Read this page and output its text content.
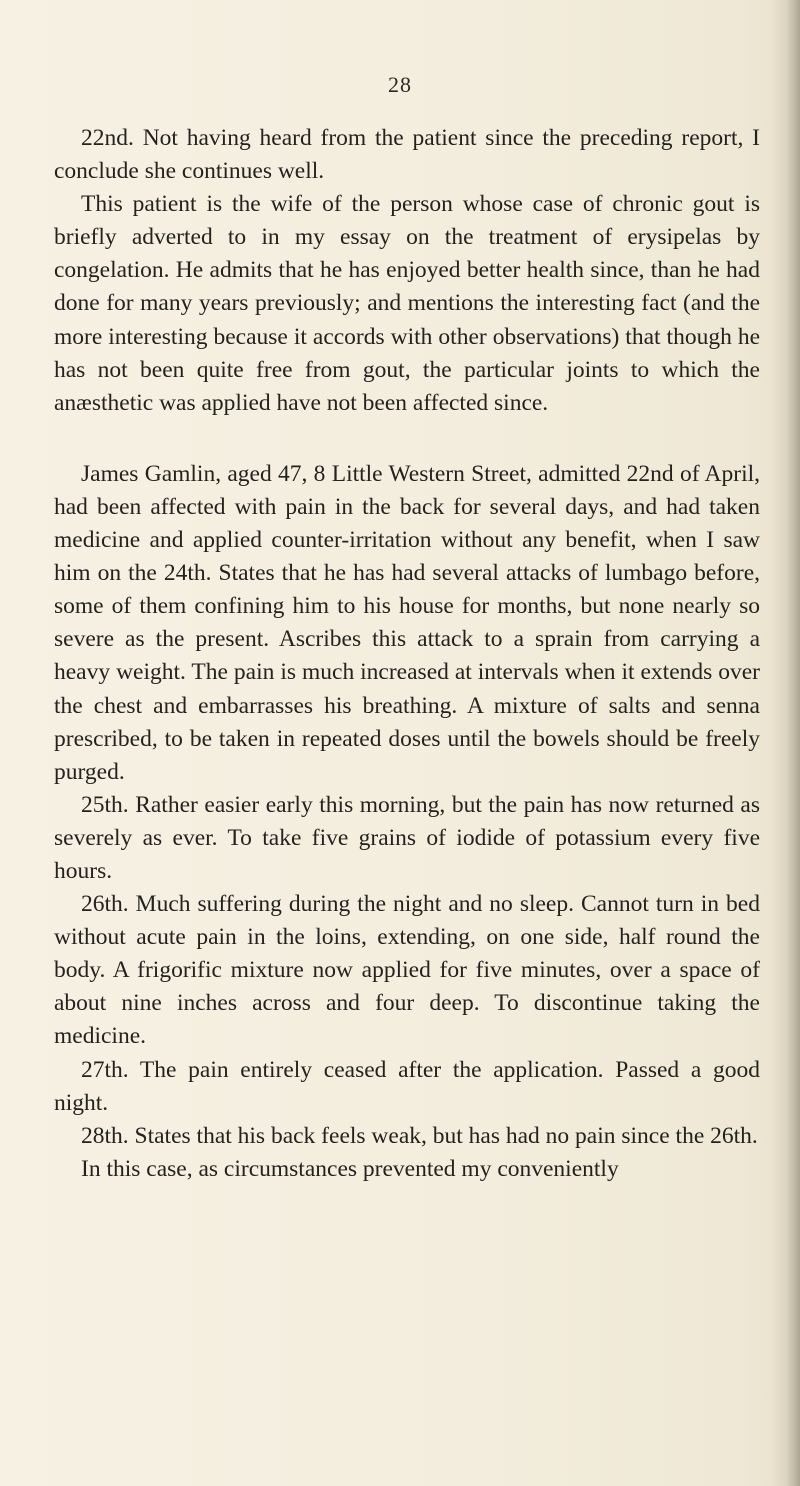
28

22nd. Not having heard from the patient since the preceding report, I conclude she continues well.

This patient is the wife of the person whose case of chronic gout is briefly adverted to in my essay on the treatment of erysipelas by congelation. He admits that he has enjoyed better health since, than he had done for many years previously; and mentions the interesting fact (and the more interesting because it accords with other observations) that though he has not been quite free from gout, the particular joints to which the anæsthetic was applied have not been affected since.

James Gamlin, aged 47, 8 Little Western Street, admitted 22nd of April, had been affected with pain in the back for several days, and had taken medicine and applied counter-irritation without any benefit, when I saw him on the 24th. States that he has had several attacks of lumbago before, some of them confining him to his house for months, but none nearly so severe as the present. Ascribes this attack to a sprain from carrying a heavy weight. The pain is much increased at intervals when it extends over the chest and embarrasses his breathing. A mixture of salts and senna prescribed, to be taken in repeated doses until the bowels should be freely purged.

25th. Rather easier early this morning, but the pain has now returned as severely as ever. To take five grains of iodide of potassium every five hours.

26th. Much suffering during the night and no sleep. Cannot turn in bed without acute pain in the loins, extending, on one side, half round the body. A frigorific mixture now applied for five minutes, over a space of about nine inches across and four deep. To discontinue taking the medicine.

27th. The pain entirely ceased after the application. Passed a good night.

28th. States that his back feels weak, but has had no pain since the 26th.

In this case, as circumstances prevented my conveniently
